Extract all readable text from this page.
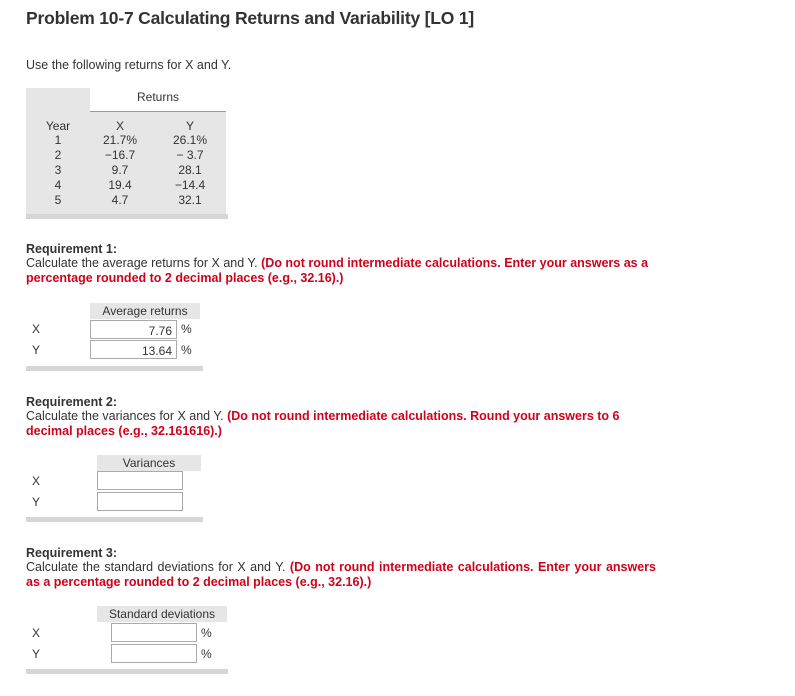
Problem 10-7 Calculating Returns and Variability [LO 1]
Use the following returns for X and Y.
Returns
Year	X	Y
1	21.7%	26.1%
2	−16.7	− 3.7
3	9.7	28.1
4	19.4	−14.4
5	4.7	32.1
Requirement 1:
Calculate the average returns for X and Y. (Do not round intermediate calculations. Enter your answers as a percentage rounded to 2 decimal places (e.g., 32.16).)
Average returns
X
7.76	%
Y
13.64	%
Requirement 2:
Calculate the variances for X and Y. (Do not round intermediate calculations. Round your answers to 6 decimal places (e.g., 32.161616).)
Variances
X
Y
Requirement 3:
Calculate the standard deviations for X and Y. (Do not round intermediate calculations. Enter your answers as a percentage rounded to 2 decimal places (e.g., 32.16).)
Standard deviations
X	%
Y	%
